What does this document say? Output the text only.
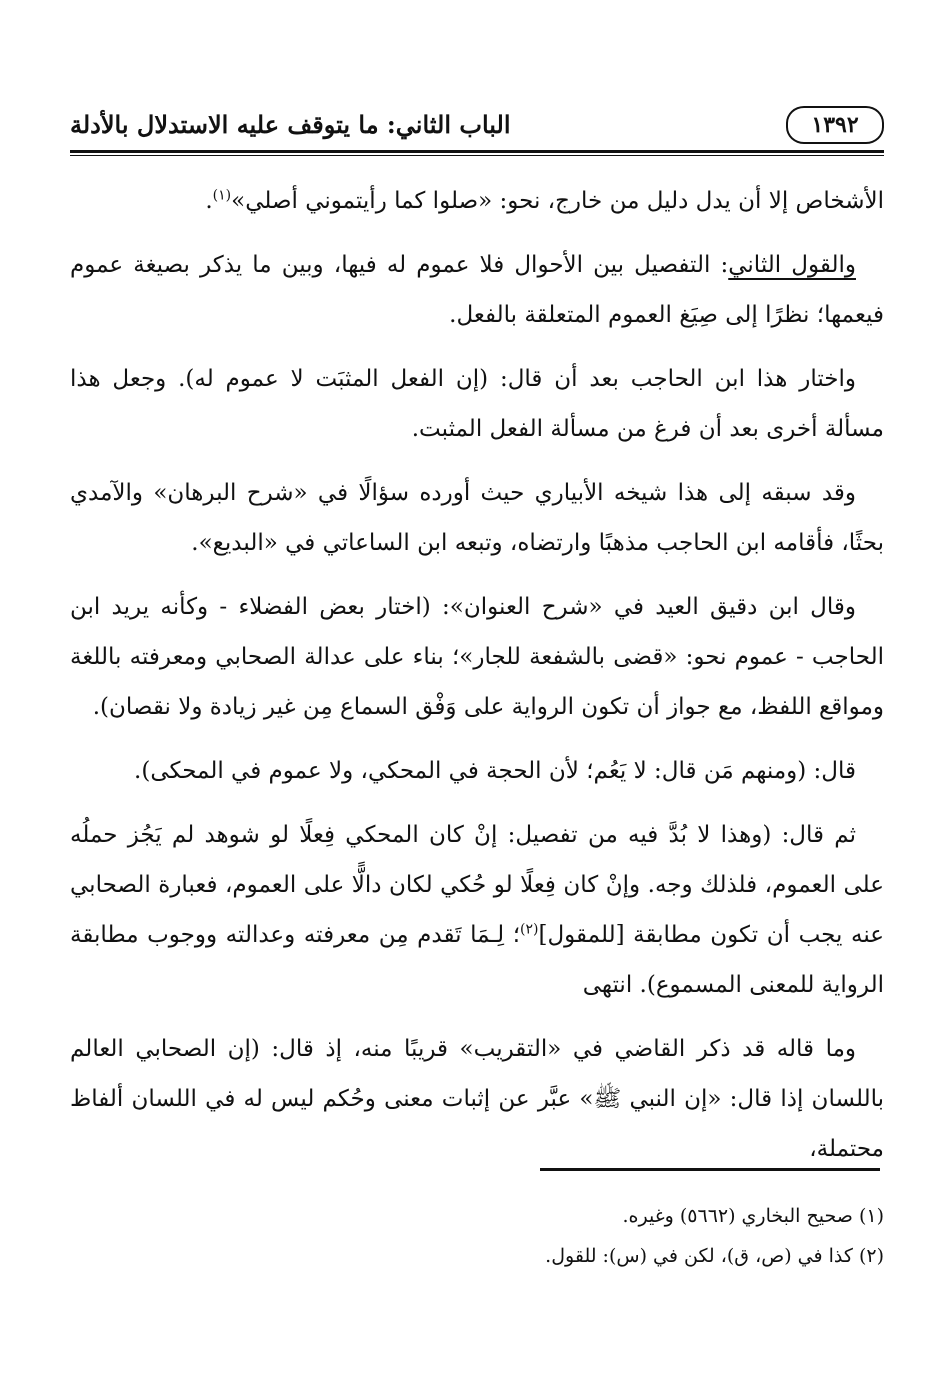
١٣٩٢
الباب الثاني: ما يتوقف عليه الاستدلال بالأدلة

الأشخاص إلا أن يدل دليل من خارج، نحو: «صلوا كما رأيتموني أصلي»$^{(١)}$.

والقول الثاني: التفصيل بين الأحوال فلا عموم له فيها، وبين ما يذكر بصيغة عموم فيعمها؛ نظرًا إلى صِيَغ العموم المتعلقة بالفعل.

واختار هذا ابن الحاجب بعد أن قال: (إن الفعل المثبَت لا عموم له). وجعل هذا مسألة أخرى بعد أن فرغ من مسألة الفعل المثبت.

وقد سبقه إلى هذا شيخه الأبياري حيث أورده سؤالًا في «شرح البرهان» والآمدي بحثًا، فأقامه ابن الحاجب مذهبًا وارتضاه، وتبعه ابن الساعاتي في «البديع».

وقال ابن دقيق العيد في «شرح العنوان»: (اختار بعض الفضلاء - وكأنه يريد ابن الحاجب - عموم نحو: «قضى بالشفعة للجار»؛ بناء على عدالة الصحابي ومعرفته باللغة ومواقع اللفظ، مع جواز أن تكون الرواية على وَفْق السماع مِن غير زيادة ولا نقصان).

قال: (ومنهم مَن قال: لا يَعُم؛ لأن الحجة في المحكي، ولا عموم في المحكى).

ثم قال: (وهذا لا بُدَّ فيه من تفصيل: إنْ كان المحكي فِعلًا لو شوهد لم يَجُز حملُه على العموم، فلذلك وجه. وإنْ كان فِعلًا لو حُكي لكان دالًّا على العموم، فعبارة الصحابي عنه يجب أن تكون مطابقة [للمقول]$^{(٢)}$؛ لِـمَا تَقدم مِن معرفته وعدالته ووجوب مطابقة الرواية للمعنى المسموع). انتهى

وما قاله قد ذكر القاضي في «التقريب» قريبًا منه، إذ قال: (إن الصحابي العالم باللسان إذا قال: «إن النبي ﷺ» عبَّر عن إثبات معنى وحُكم ليس له في اللسان ألفاظ محتملة،

(١) صحيح البخاري (٥٦٦٢) وغيره.
(٢) كذا في (ص، ق)، لكن في (س): للقول.
